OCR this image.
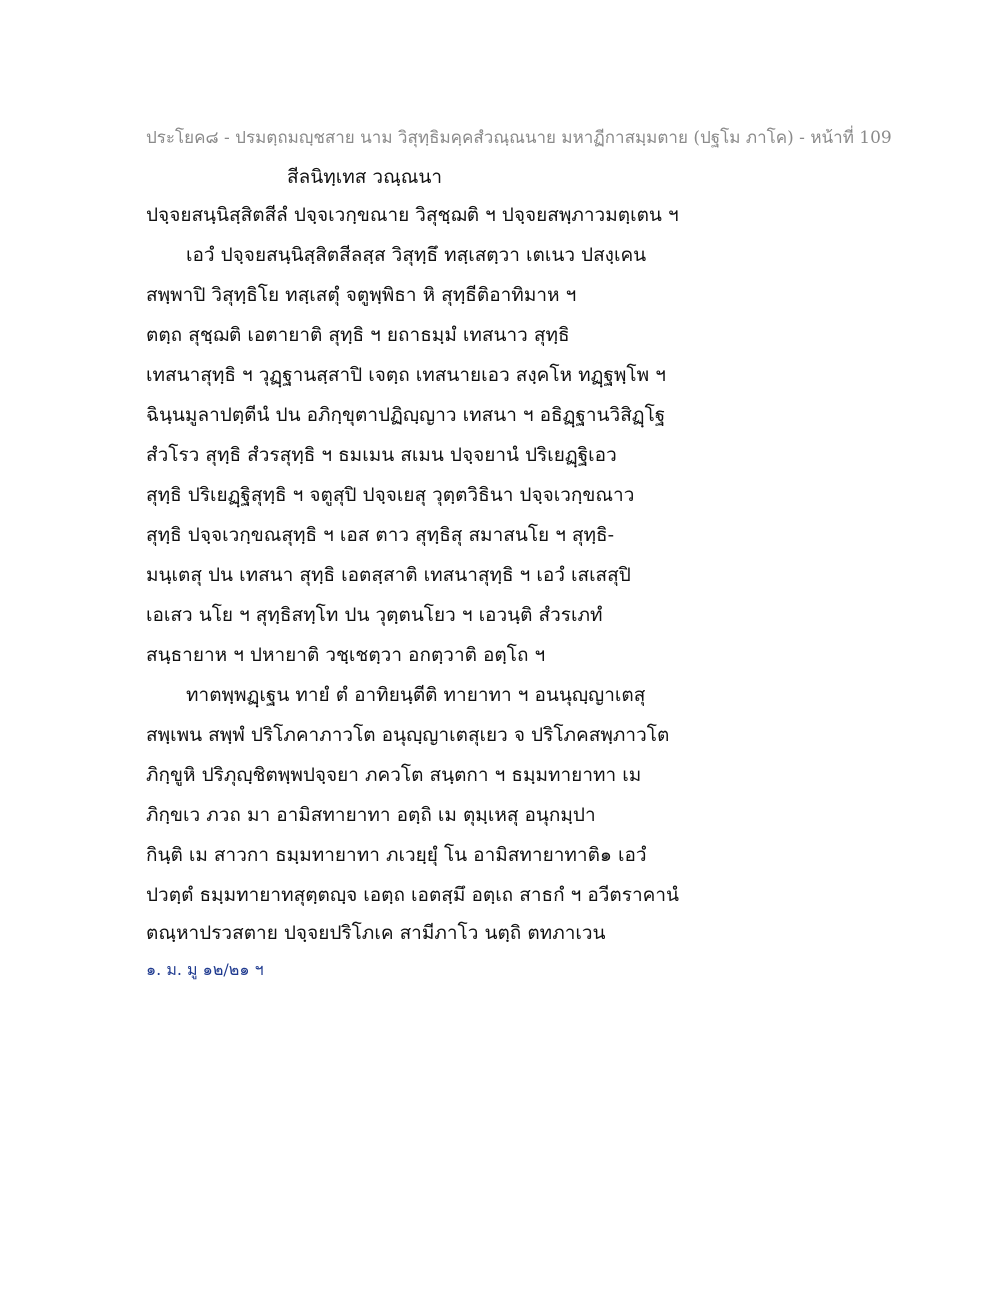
ประโยค๘ - ปรมตฺถมญฺชสาย นาม วิสุทฺธิมคฺคสํวณฺณนาย มหาฏีกาสมฺมตาย (ปฐโม ภาโค) - หน้าที่ 109
สีลนิทฺเทส วณฺณนา
ปจฺจยสนฺนิสฺสิตสีลํ ปจฺจเวกฺขณาย วิสุชฺฌติ ฯ ปจฺจยสพฺภาวมตฺเตน ฯ
เอวํ ปจฺจยสนฺนิสฺสิตสีลสฺส วิสุทฺธึ ทสฺเสตฺวา เตเนว ปสงฺเคน
สพฺพาปิ วิสุทฺธิโย ทสฺเสตุํ จตูพฺพิธา หิ สุทฺธีติอาทิมาห ฯ
ตตฺถ สุชฺฌติ เอตายาติ สุทฺธิ ฯ ยถาธมฺมํ เทสนาว สุทฺธิ
เทสนาสุทฺธิ ฯ วุฏฺฐานสฺสาปิ เจตฺถ เทสนายเอว สงฺคโห ทฏฺฐพฺโพ ฯ
ฉินฺนมูลาปตฺตีนํ ปน อภิกฺขุตาปฏิญฺญาว เทสนา ฯ อธิฏฺฐานวิสิฏฺโฐ
สํวโรว สุทฺธิ สํวรสุทฺธิ ฯ ธมเมน สเมน ปจฺจยานํ ปริเยฏฺฐิเอว
สุทฺธิ ปริเยฏฺฐิสุทฺธิ ฯ จตูสุปิ ปจฺจเยสุ วุตฺตวิธินา ปจฺจเวกฺขณาว
สุทฺธิ ปจฺจเวกฺขณสุทฺธิ ฯ เอส ตาว สุทฺธิสุ สมาสนโย ฯ สุทฺธิ-
มนฺเตสุ ปน เทสนา สุทฺธิ เอตสฺสาติ เทสนาสุทฺธิ ฯ เอวํ เสเสสุปิ
เอเสว นโย ฯ สุทฺธิสทฺโท ปน วุตฺตนโยว ฯ เอวนฺติ สํวรเภทํ
สนฺธายาห ฯ ปหายาติ วชฺเชตฺวา อกตฺวาติ อตฺโถ ฯ
ทาตพฺพฏฺเฐน ทายํ ตํ อาทิยนฺตีติ ทายาทา ฯ อนนุญฺญาเตสุ
สพฺเพน สพฺพํ ปริโภคาภาวโต อนุญฺญาเตสุเยว จ ปริโภคสพฺภาวโต
ภิกฺขูหิ ปริภุญฺชิตพฺพปจฺจยา ภควโต สนฺตกา ฯ ธมฺมทายาทา เม
ภิกฺขเว ภวถ มา อามิสทายาทา อตฺถิ เม ตุมฺเหสุ อนุกมฺปา
กินฺติ เม สาวกา ธมฺมทายาทา ภเวยฺยุํ โน อามิสทายาทาติ๑ เอวํ
ปวตฺตํ ธมฺมทายาทสุตฺตญฺจ เอตฺถ เอตสฺมึ อตฺเถ สาธกํ ฯ อวีตราคานํ
ตณฺหาปรวสตาย ปจฺจยปริโภเค สามีภาโว นตฺถิ ตทภาเวน
๑. ม. มู ๑๒/๒๑ ฯ
